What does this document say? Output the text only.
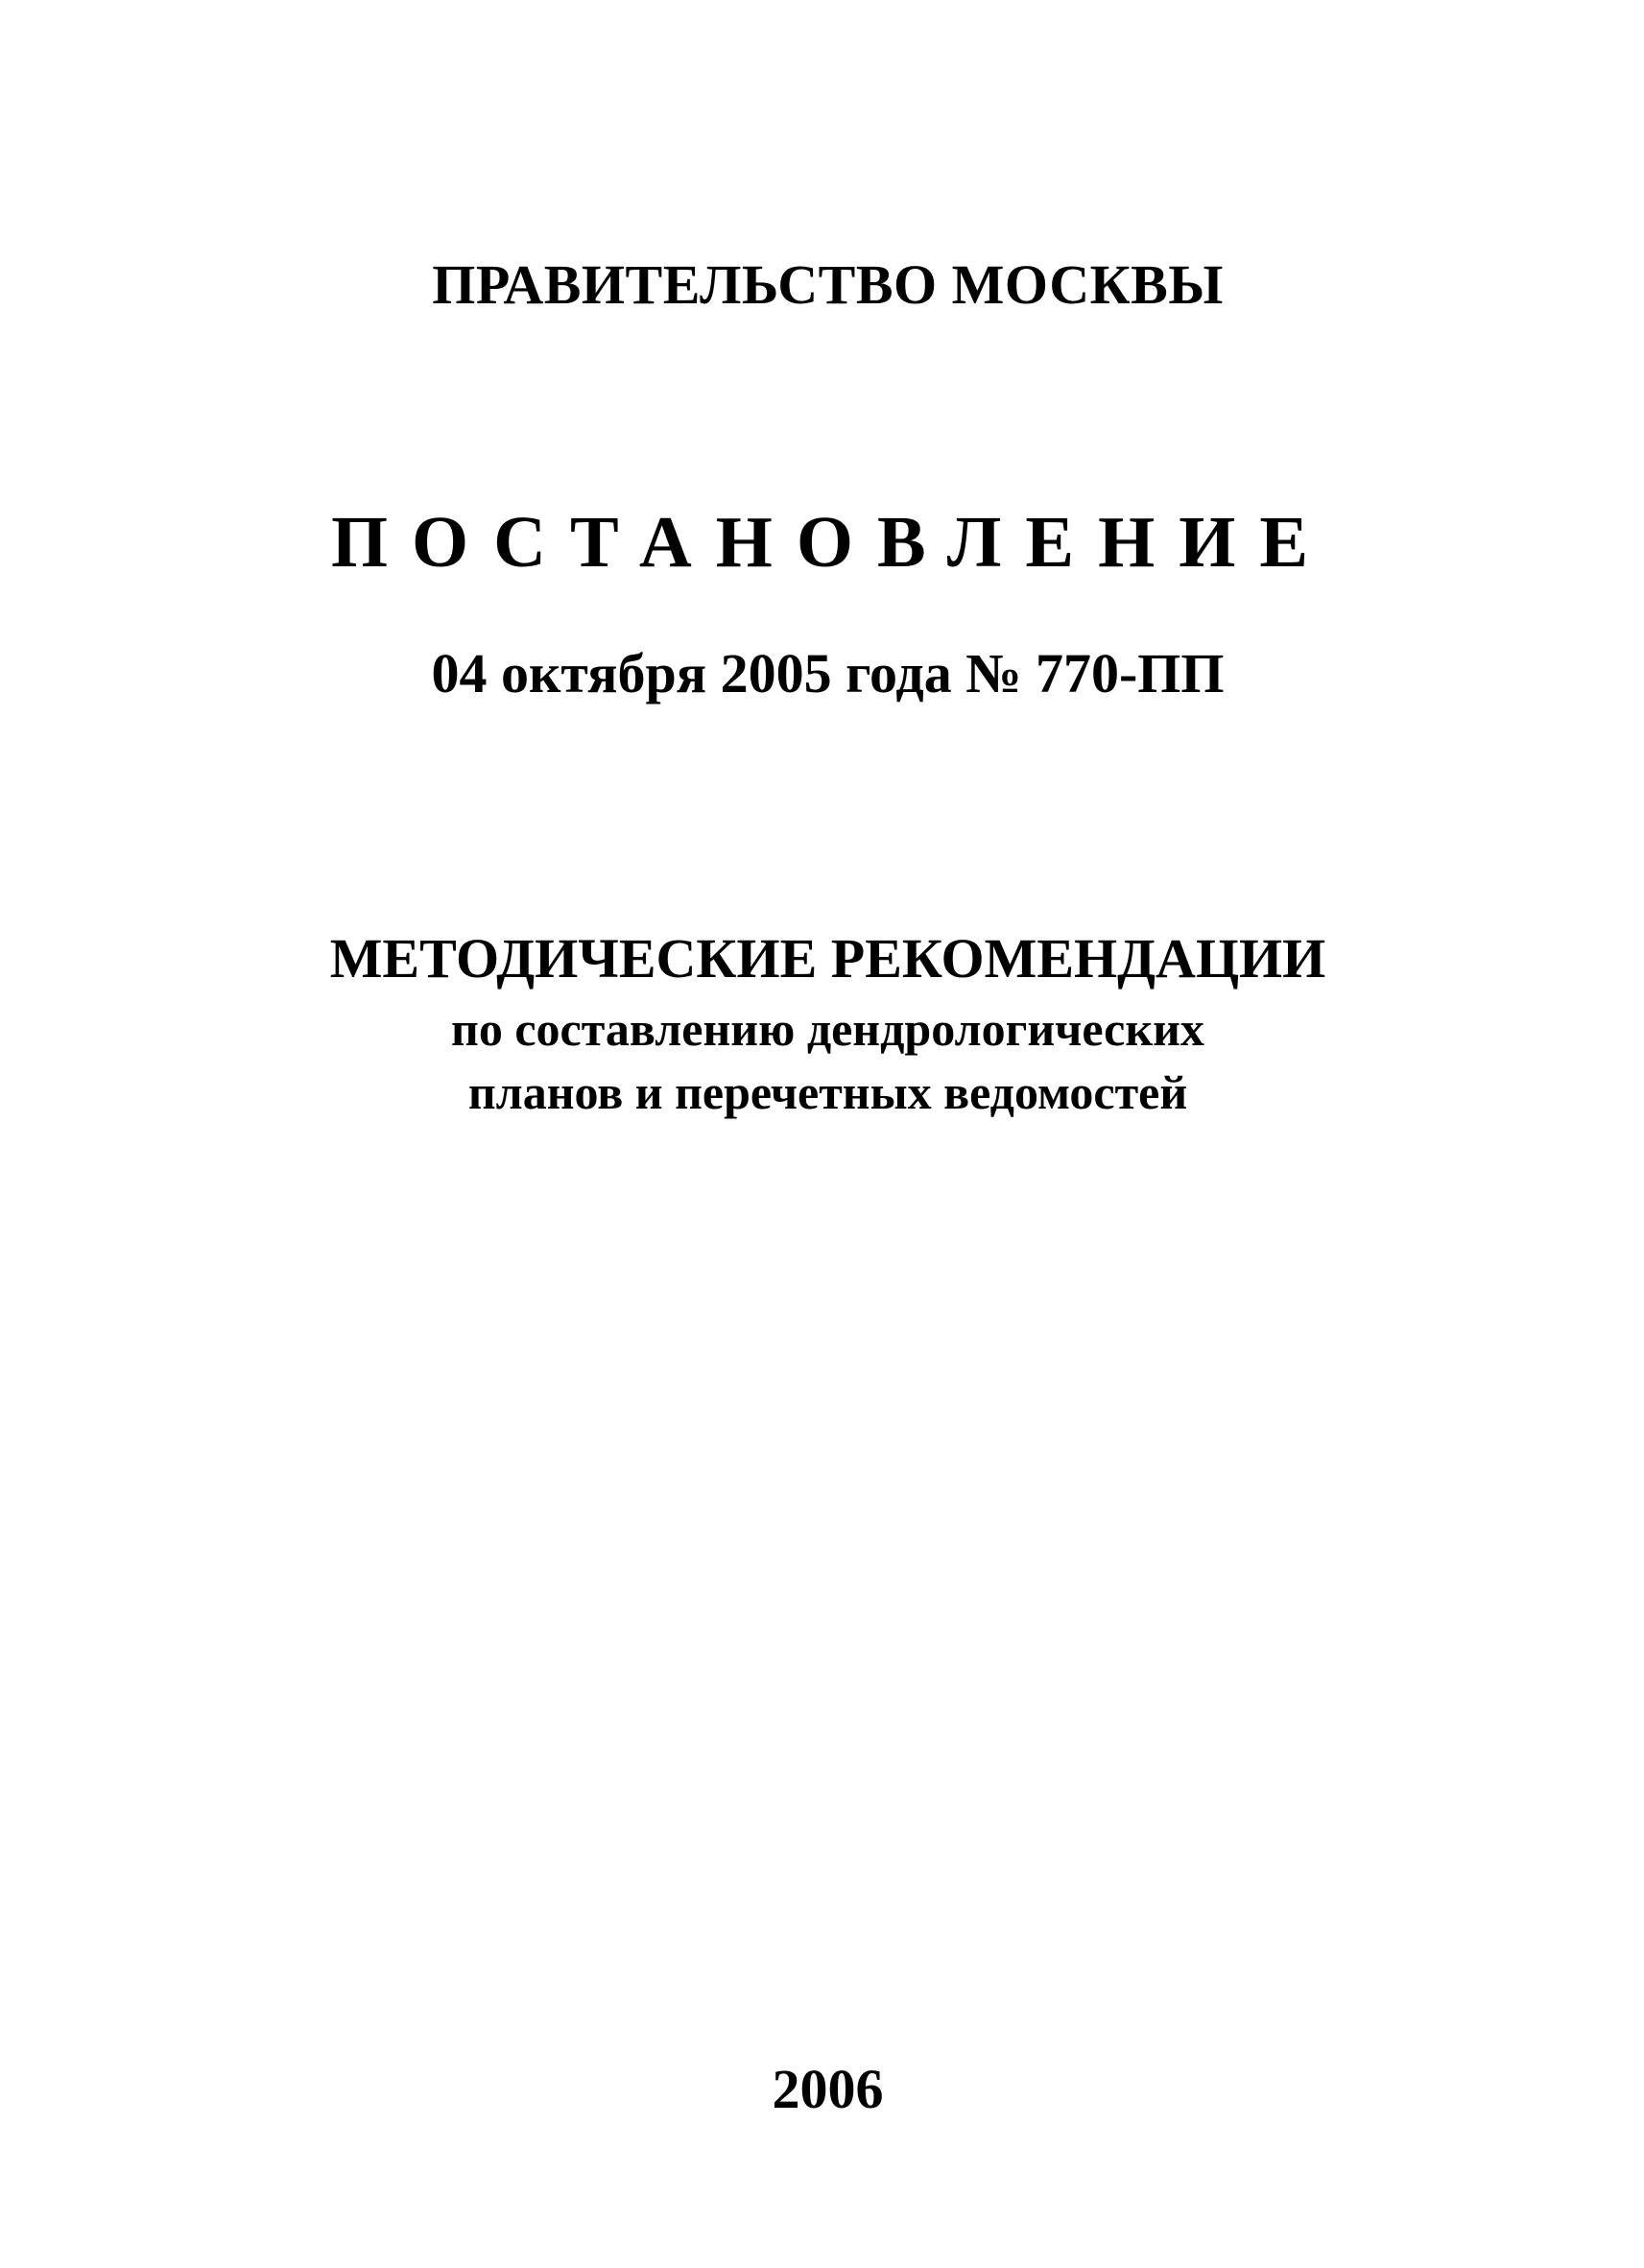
ПРАВИТЕЛЬСТВО МОСКВЫ
ПОСТАНОВЛЕНИЕ
04 октября 2005 года № 770-ПП
МЕТОДИЧЕСКИЕ РЕКОМЕНДАЦИИ
по составлению дендрологических
планов и перечетных ведомостей
2006
